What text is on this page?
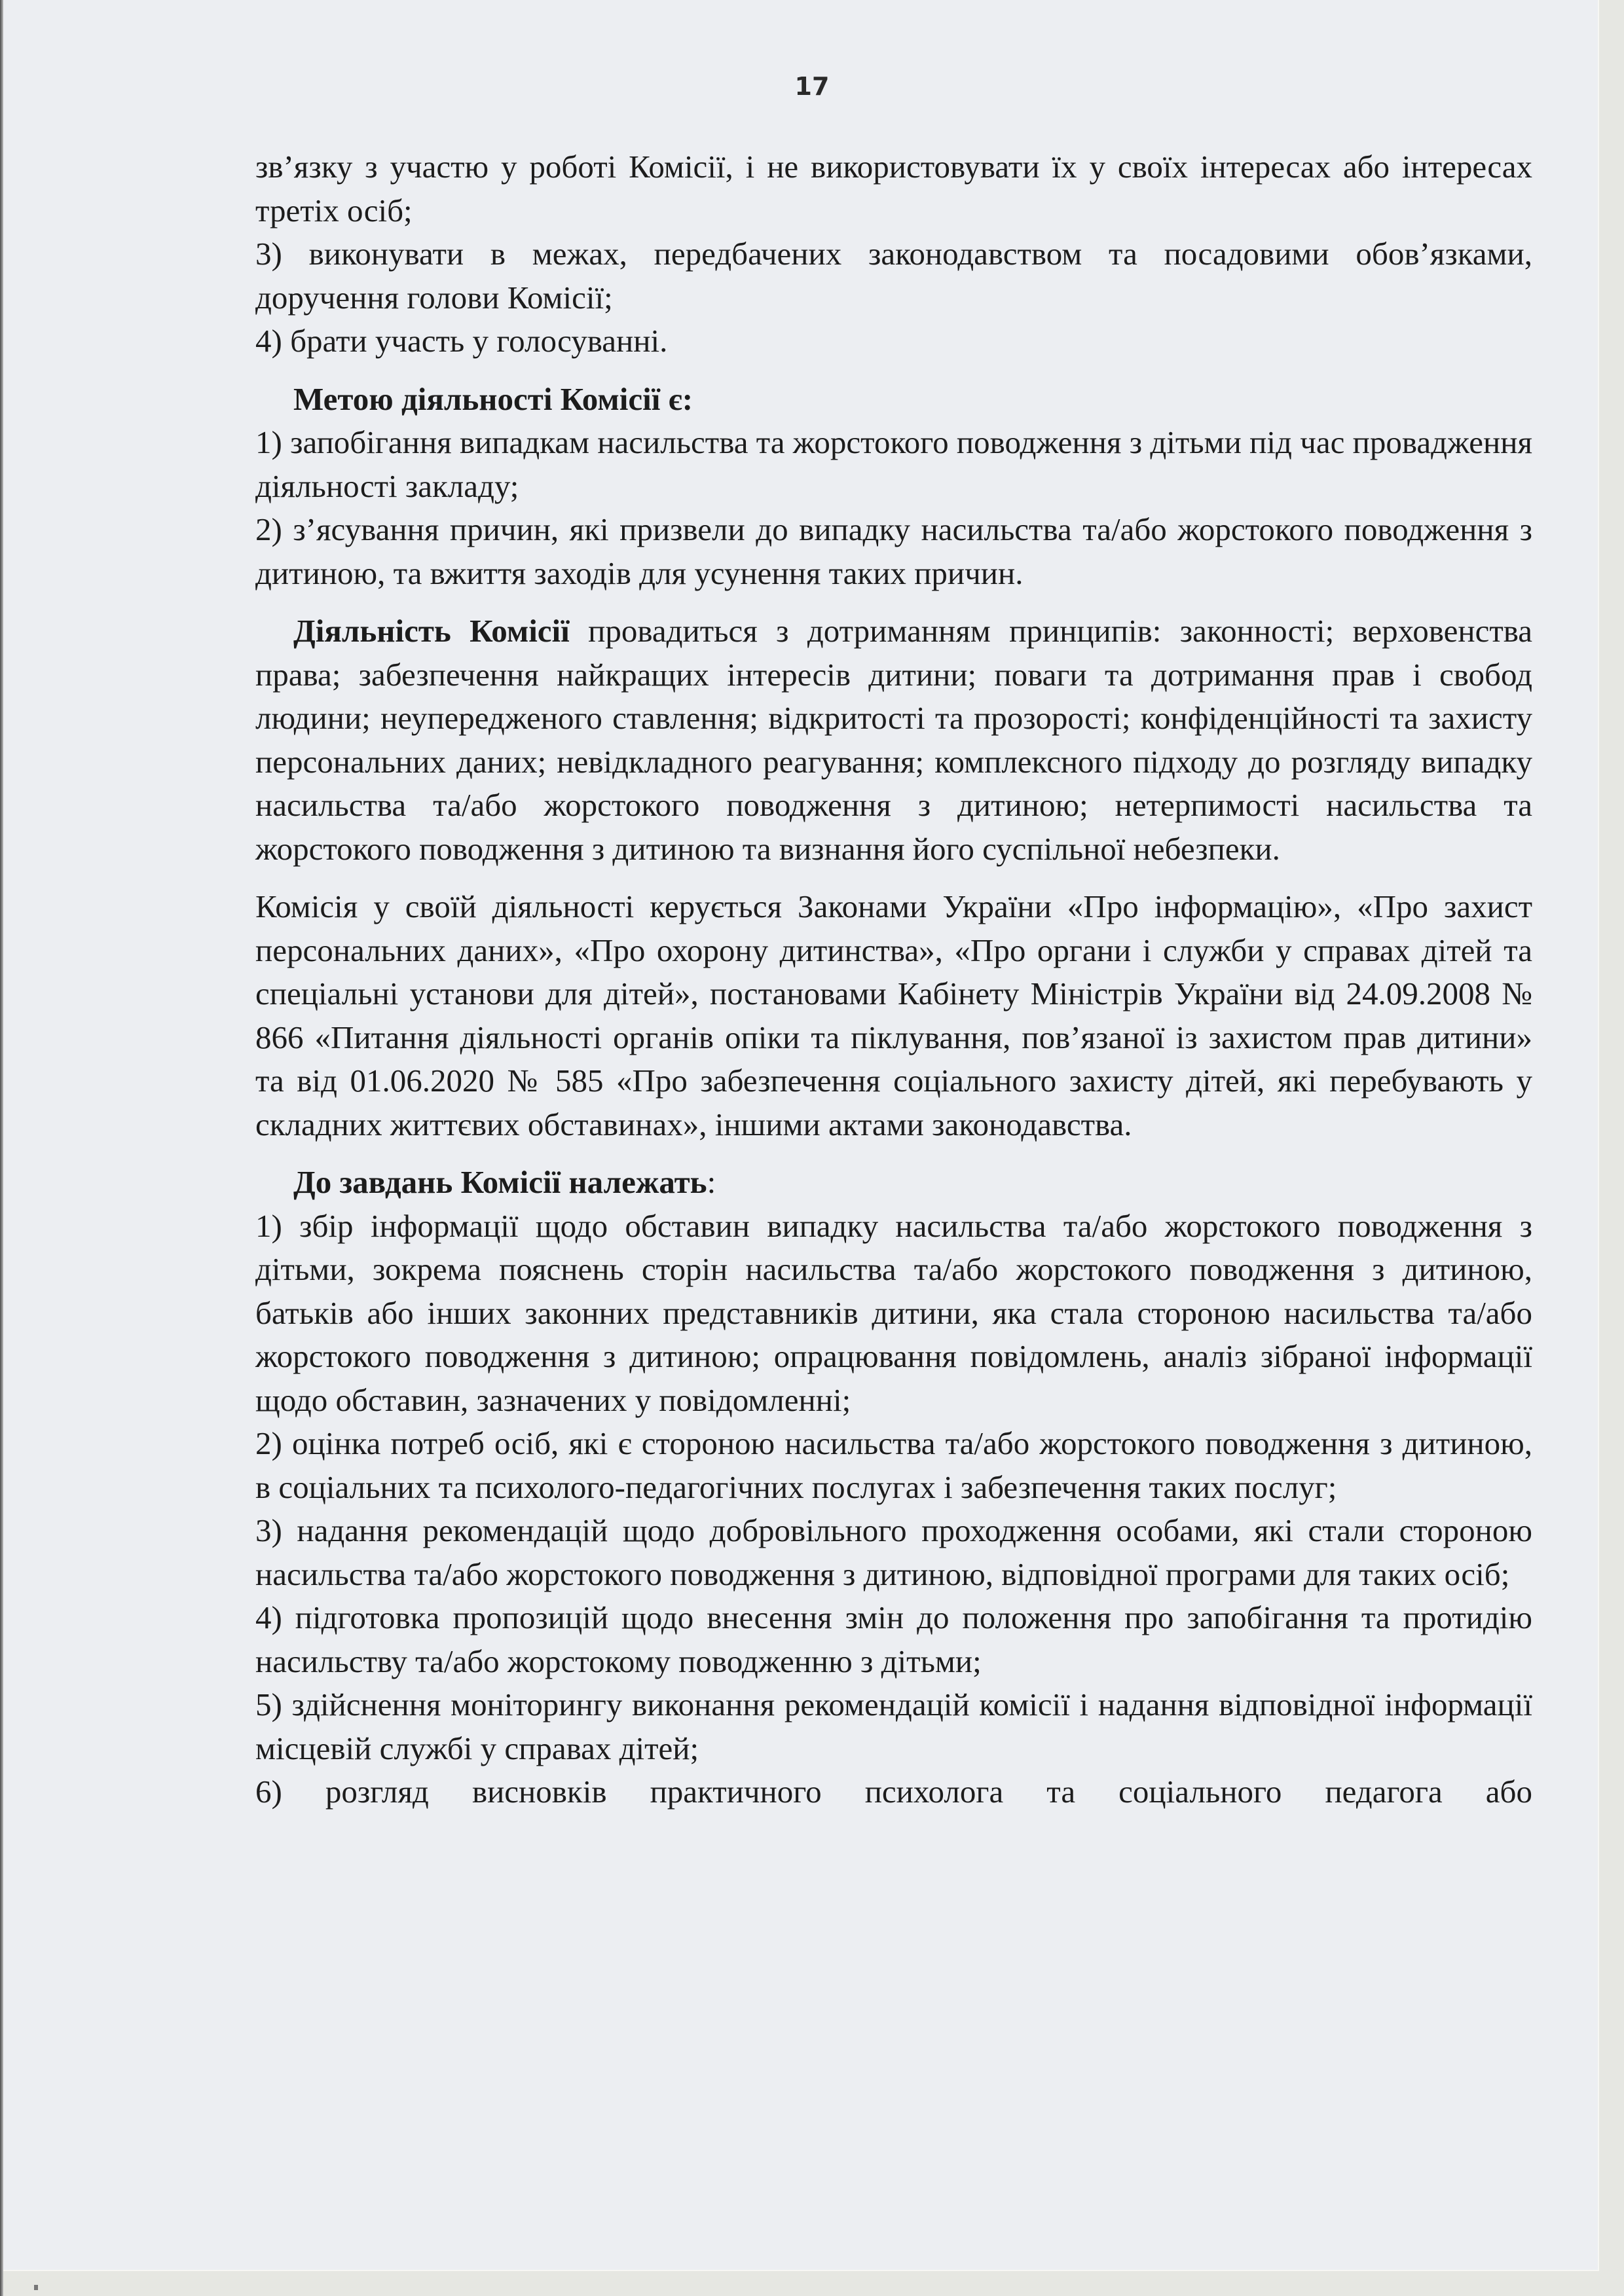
17

зв’язку з участю у роботі Комісії, і не використовувати їх у своїх інтересах або інтересах третіх осіб;

3) виконувати в межах, передбачених законодавством та посадовими обов’язками, доручення голови Комісії;

4) брати участь у голосуванні.

Метою діяльності Комісії є:

1) запобігання випадкам насильства та жорстокого поводження з дітьми під час провадження діяльності закладу;

2) з’ясування причин, які призвели до випадку насильства та/або жорстокого поводження з дитиною, та вжиття заходів для усунення таких причин.

Діяльність Комісії провадиться з дотриманням принципів: законності; верховенства права; забезпечення найкращих інтересів дитини; поваги та дотримання прав і свобод людини; неупередженого ставлення; відкритості та прозорості; конфіденційності та захисту персональних даних; невідкладного реагування; комплексного підходу до розгляду випадку насильства та/або жорстокого поводження з дитиною; нетерпимості насильства та жорстокого поводження з дитиною та визнання його суспільної небезпеки.

Комісія у своїй діяльності керується Законами України «Про інформацію», «Про захист персональних даних», «Про охорону дитинства», «Про органи і служби у справах дітей та спеціальні установи для дітей», постановами Кабінету Міністрів України від 24.09.2008 № 866 «Питання діяльності органів опіки та піклування, пов’язаної із захистом прав дитини» та від 01.06.2020 № 585 «Про забезпечення соціального захисту дітей, які перебувають у складних життєвих обставинах», іншими актами законодавства.

До завдань Комісії належать:

1) збір інформації щодо обставин випадку насильства та/або жорстокого поводження з дітьми, зокрема пояснень сторін насильства та/або жорстокого поводження з дитиною, батьків або інших законних представників дитини, яка стала стороною насильства та/або жорстокого поводження з дитиною; опрацювання повідомлень, аналіз зібраної інформації щодо обставин, зазначених у повідомленні;

2) оцінка потреб осіб, які є стороною насильства та/або жорстокого поводження з дитиною, в соціальних та психолого-педагогічних послугах і забезпечення таких послуг;

3) надання рекомендацій щодо добровільного проходження особами, які стали стороною насильства та/або жорстокого поводження з дитиною, відповідної програми для таких осіб;

4) підготовка пропозицій щодо внесення змін до положення про запобігання та протидію насильству та/або жорстокому поводженню з дітьми;

5) здійснення моніторингу виконання рекомендацій комісії і надання відповідної інформації місцевій службі у справах дітей;

6) розгляд висновків практичного психолога та соціального педагога або
